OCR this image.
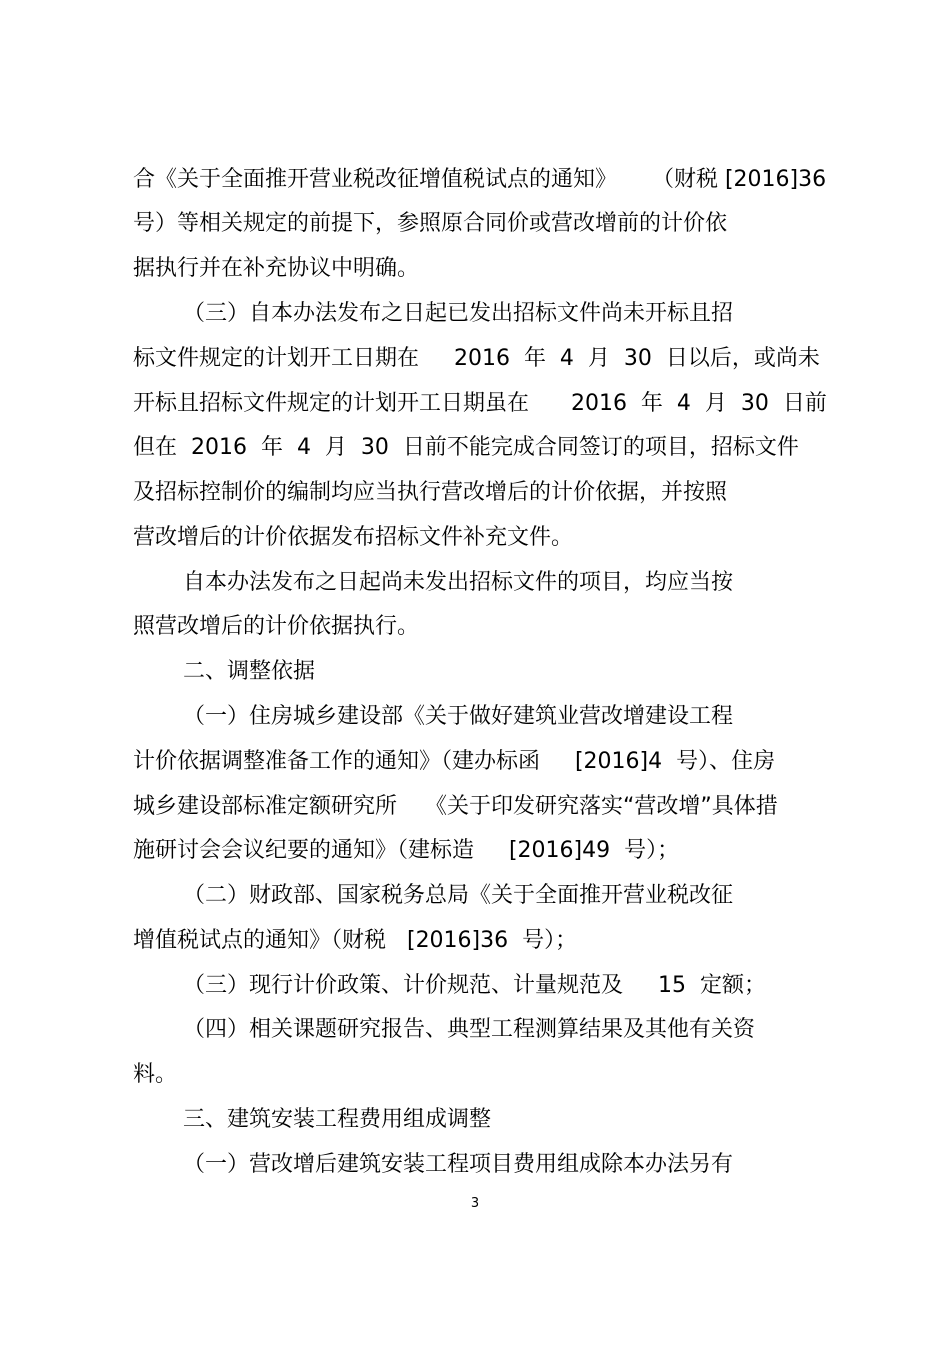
合《关于全面推开营业税改征增值税试点的通知》     （财税 [2016]36
号）等相关规定的前提下，参照原合同价或营改增前的计价依
据执行并在补充协议中明确。
（三）自本办法发布之日起已发出招标文件尚未开标且招
标文件规定的计划开工日期在     2016  年  4  月  30  日以后，或尚未
开标且招标文件规定的计划开工日期虽在      2016  年  4  月  30  日前
但在  2016  年  4  月  30  日前不能完成合同签订的项目，招标文件
及招标控制价的编制均应当执行营改增后的计价依据，并按照
营改增后的计价依据发布招标文件补充文件。
自本办法发布之日起尚未发出招标文件的项目，均应当按
照营改增后的计价依据执行。
二、调整依据
（一）住房城乡建设部《关于做好建筑业营改增建设工程
计价依据调整准备工作的通知》（建办标函     [2016]4  号）、住房
城乡建设部标准定额研究所    《关于印发研究落实“营改增”具体措
施研讨会会议纪要的通知》（建标造     [2016]49  号）；
（二）财政部、国家税务总局《关于全面推开营业税改征
增值税试点的通知》（财税   [2016]36  号）；
（三）现行计价政策、计价规范、计量规范及     15  定额；
（四）相关课题研究报告、典型工程测算结果及其他有关资
料。
三、建筑安装工程费用组成调整
（一）营改增后建筑安装工程项目费用组成除本办法另有
3
